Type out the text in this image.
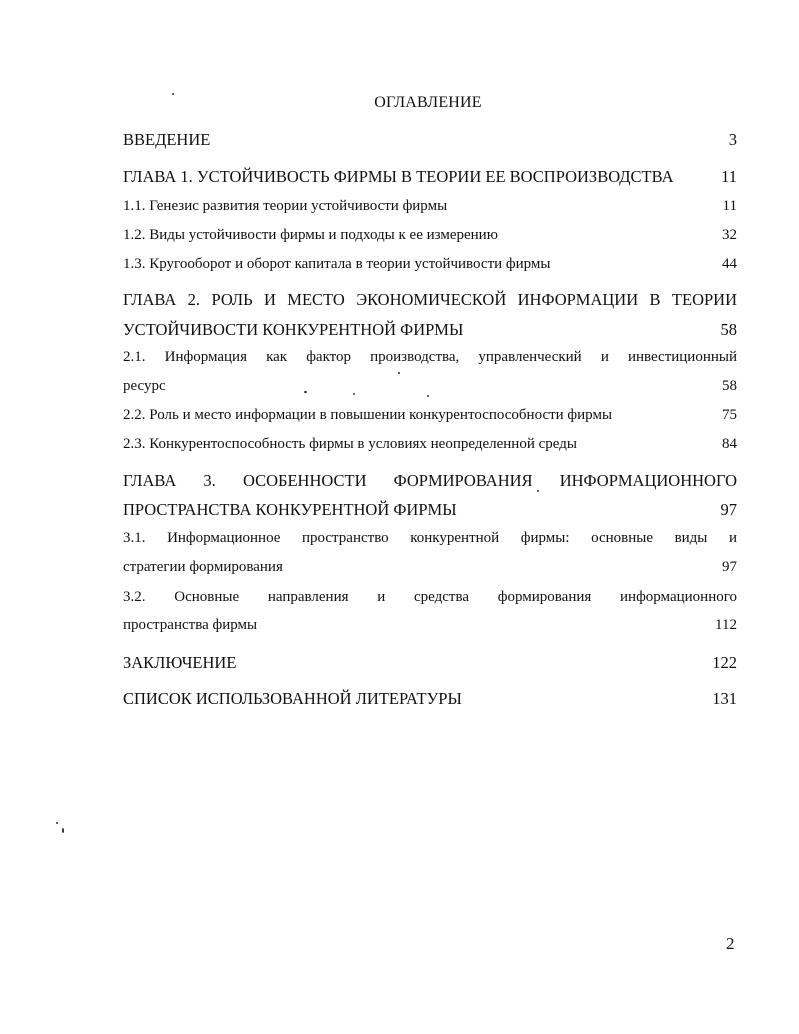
ОГЛАВЛЕНИЕ
ВВЕДЕНИЕ	3
ГЛАВА 1. УСТОЙЧИВОСТЬ ФИРМЫ В ТЕОРИИ ЕЕ ВОСПРОИЗВОДСТВА	11
1.1. Генезис развития теории устойчивости фирмы	11
1.2. Виды устойчивости фирмы и подходы к ее измерению	32
1.3. Кругооборот и оборот капитала в теории устойчивости фирмы	44
ГЛАВА 2. РОЛЬ И МЕСТО ЭКОНОМИЧЕСКОЙ ИНФОРМАЦИИ В ТЕОРИИ
УСТОЙЧИВОСТИ КОНКУРЕНТНОЙ ФИРМЫ	58
2.1. Информация как фактор производства, управленческий и инвестиционный
ресурс	58
2.2. Роль и место информации в повышении конкурентоспособности фирмы	75
2.3. Конкурентоспособность фирмы в условиях неопределенной среды	84
ГЛАВА 3. ОСОБЕННОСТИ ФОРМИРОВАНИЯ ИНФОРМАЦИОННОГО
ПРОСТРАНСТВА КОНКУРЕНТНОЙ ФИРМЫ	97
3.1. Информационное пространство конкурентной фирмы: основные виды и
стратегии формирования	97
3.2. Основные направления и средства формирования информационного
пространства фирмы	112
ЗАКЛЮЧЕНИЕ	122
СПИСОК ИСПОЛЬЗОВАННОЙ ЛИТЕРАТУРЫ	131
2
